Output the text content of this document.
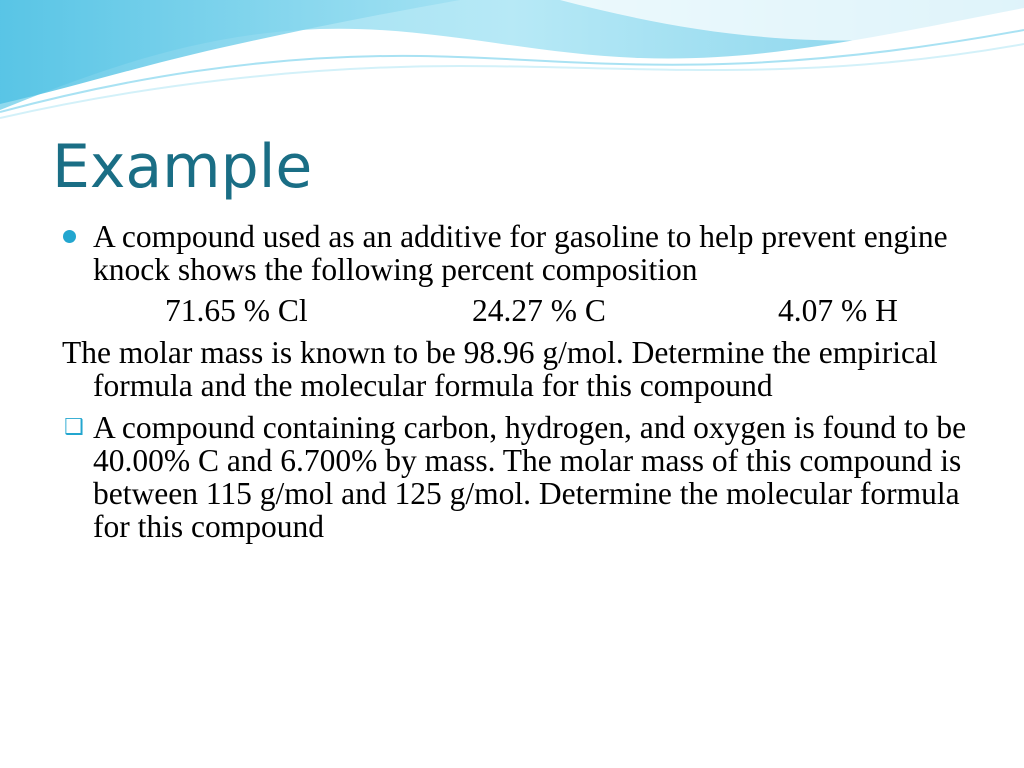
Example
A compound used as an additive for gasoline to help prevent engine knock shows the following percent composition
71.65 % Cl	24.27 % C	4.07 % H
The molar mass is known to be 98.96 g/mol. Determine the empirical formula and the molecular formula for this compound
❑ A compound containing carbon, hydrogen, and oxygen is found to be 40.00% C and 6.700% by mass. The molar mass of this compound is between 115 g/mol and 125 g/mol. Determine the molecular formula for this compound
